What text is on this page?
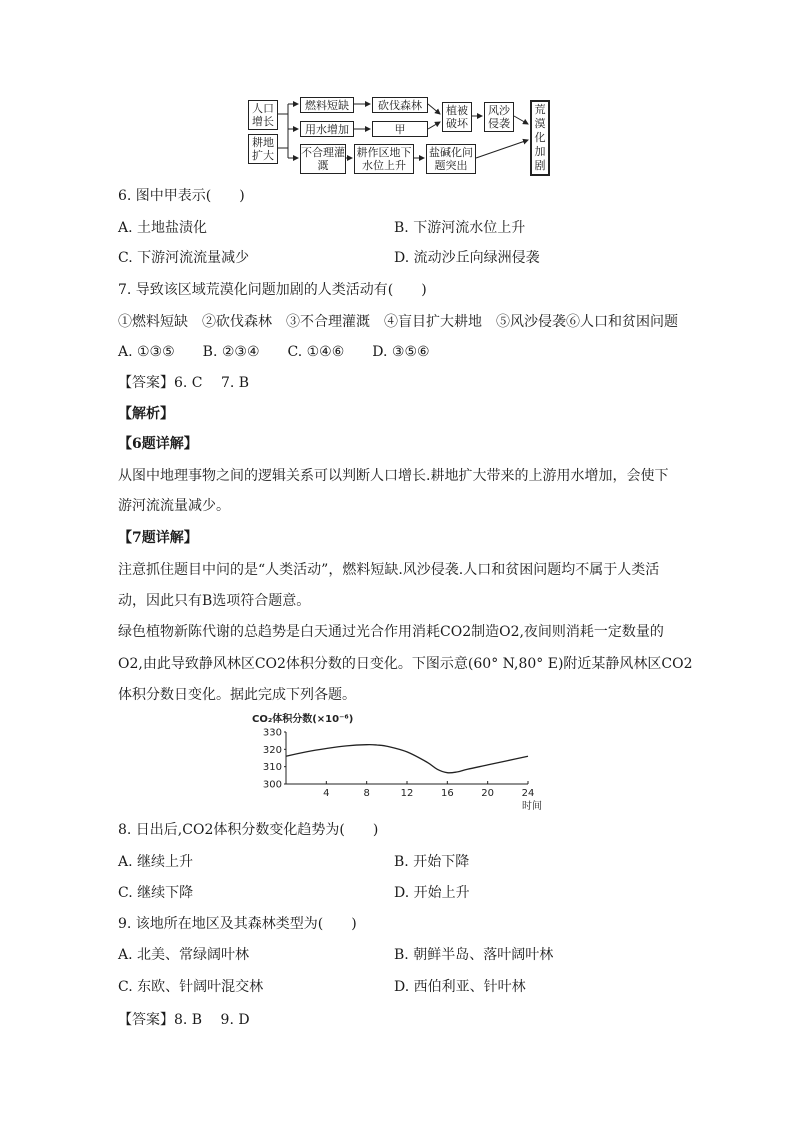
人口增长
耕地扩大
燃料短缺	砍伐森林
用水增加	甲
不合理灌溉
耕作区地下水位上升
盐碱化问题突出
植被破坏
风沙侵袭
荒漠化加剧
6. 图中甲表示(　　)
A. 土地盐渍化	B. 下游河流水位上升
C. 下游河流流量减少	D. 流动沙丘向绿洲侵袭
7. 导致该区域荒漠化问题加剧的人类活动有(　　)
①燃料短缺　②砍伐森林　③不合理灌溉　④盲目扩大耕地　⑤风沙侵袭⑥人口和贫困问题
A. ①③⑤　　B. ②③④　　C. ①④⑥　　D. ③⑤⑥
【答案】6. C　 7. B
【解析】
【6题详解】
从图中地理事物之间的逻辑关系可以判断人口增长.耕地扩大带来的上游用水增加，会使下
游河流流量减少。
【7题详解】
注意抓住题目中问的是“人类活动”，燃料短缺.风沙侵袭.人口和贫困问题均不属于人类活
动，因此只有B选项符合题意。
绿色植物新陈代谢的总趋势是白天通过光合作用消耗CO2制造O2,夜间则消耗一定数量的
O2,由此导致静风林区CO2体积分数的日变化。下图示意(60° N,80° E)附近某静风林区CO2
体积分数日变化。据此完成下列各题。
CO₂体积分数(×10⁻⁶)
300
310
320
330
4	8	12	16	20	24
时间
8. 日出后,CO2体积分数变化趋势为(　　)
A. 继续上升	B. 开始下降
C. 继续下降	D. 开始上升
9. 该地所在地区及其森林类型为(　　)
A. 北美、常绿阔叶林	B. 朝鲜半岛、落叶阔叶林
C. 东欧、针阔叶混交林	D. 西伯利亚、针叶林
【答案】8. B　 9. D
